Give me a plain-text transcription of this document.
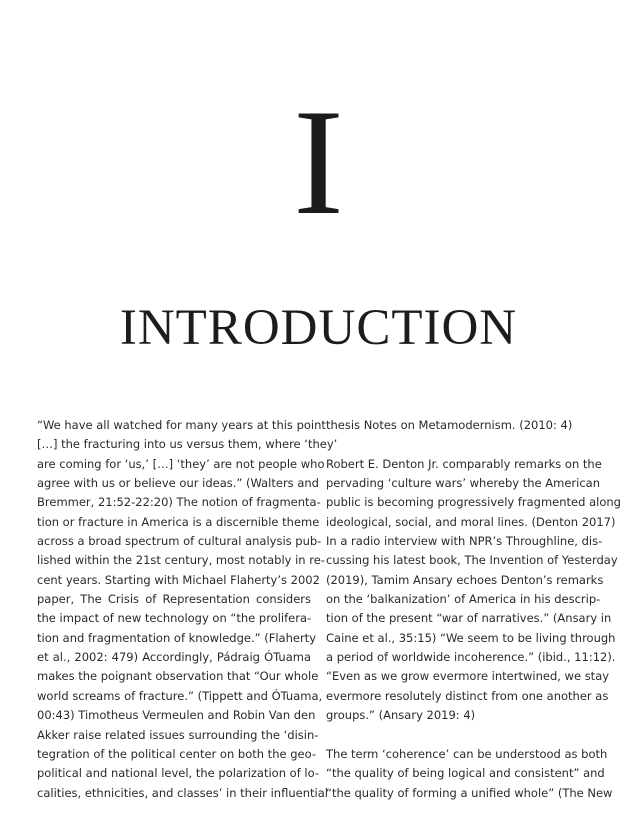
I
INTRODUCTION
“We have all watched for many years at this point
[…] the fracturing into us versus them, where ‘they’
are coming for ‘us,’ […] ‘they’ are not people who
agree with us or believe our ideas.” (Walters and
Bremmer, 21:52-22:20) The notion of fragmenta-
tion or fracture in America is a discernible theme
across a broad spectrum of cultural analysis pub-
lished within the 21st century, most notably in re-
cent years. Starting with Michael Flaherty’s 2002
paper, The Crisis of Representation considers
the impact of new technology on “the prolifera-
tion and fragmentation of knowledge.” (Flaherty
et al., 2002: 479) Accordingly, Pádraig ÓTuama
makes the poignant observation that “Our whole
world screams of fracture.” (Tippett and ÓTuama,
00:43) Timotheus Vermeulen and Robin Van den
Akker raise related issues surrounding the ‘disin-
tegration of the political center on both the geo-
political and national level, the polarization of lo-
calities, ethnicities, and classes’ in their influential
thesis Notes on Metamodernism. (2010: 4)
Robert E. Denton Jr. comparably remarks on the
pervading ‘culture wars’ whereby the American
public is becoming progressively fragmented along
ideological, social, and moral lines. (Denton 2017)
In a radio interview with NPR’s Throughline, dis-
cussing his latest book, The Invention of Yesterday
(2019), Tamim Ansary echoes Denton’s remarks
on the ‘balkanization’ of America in his descrip-
tion of the present “war of narratives.” (Ansary in
Caine et al., 35:15) “We seem to be living through
a period of worldwide incoherence.” (ibid., 11:12).
“Even as we grow evermore intertwined, we stay
evermore resolutely distinct from one another as
groups.” (Ansary 2019: 4)
The term ‘coherence’ can be understood as both
“the quality of being logical and consistent” and
“the quality of forming a unified whole” (The New
